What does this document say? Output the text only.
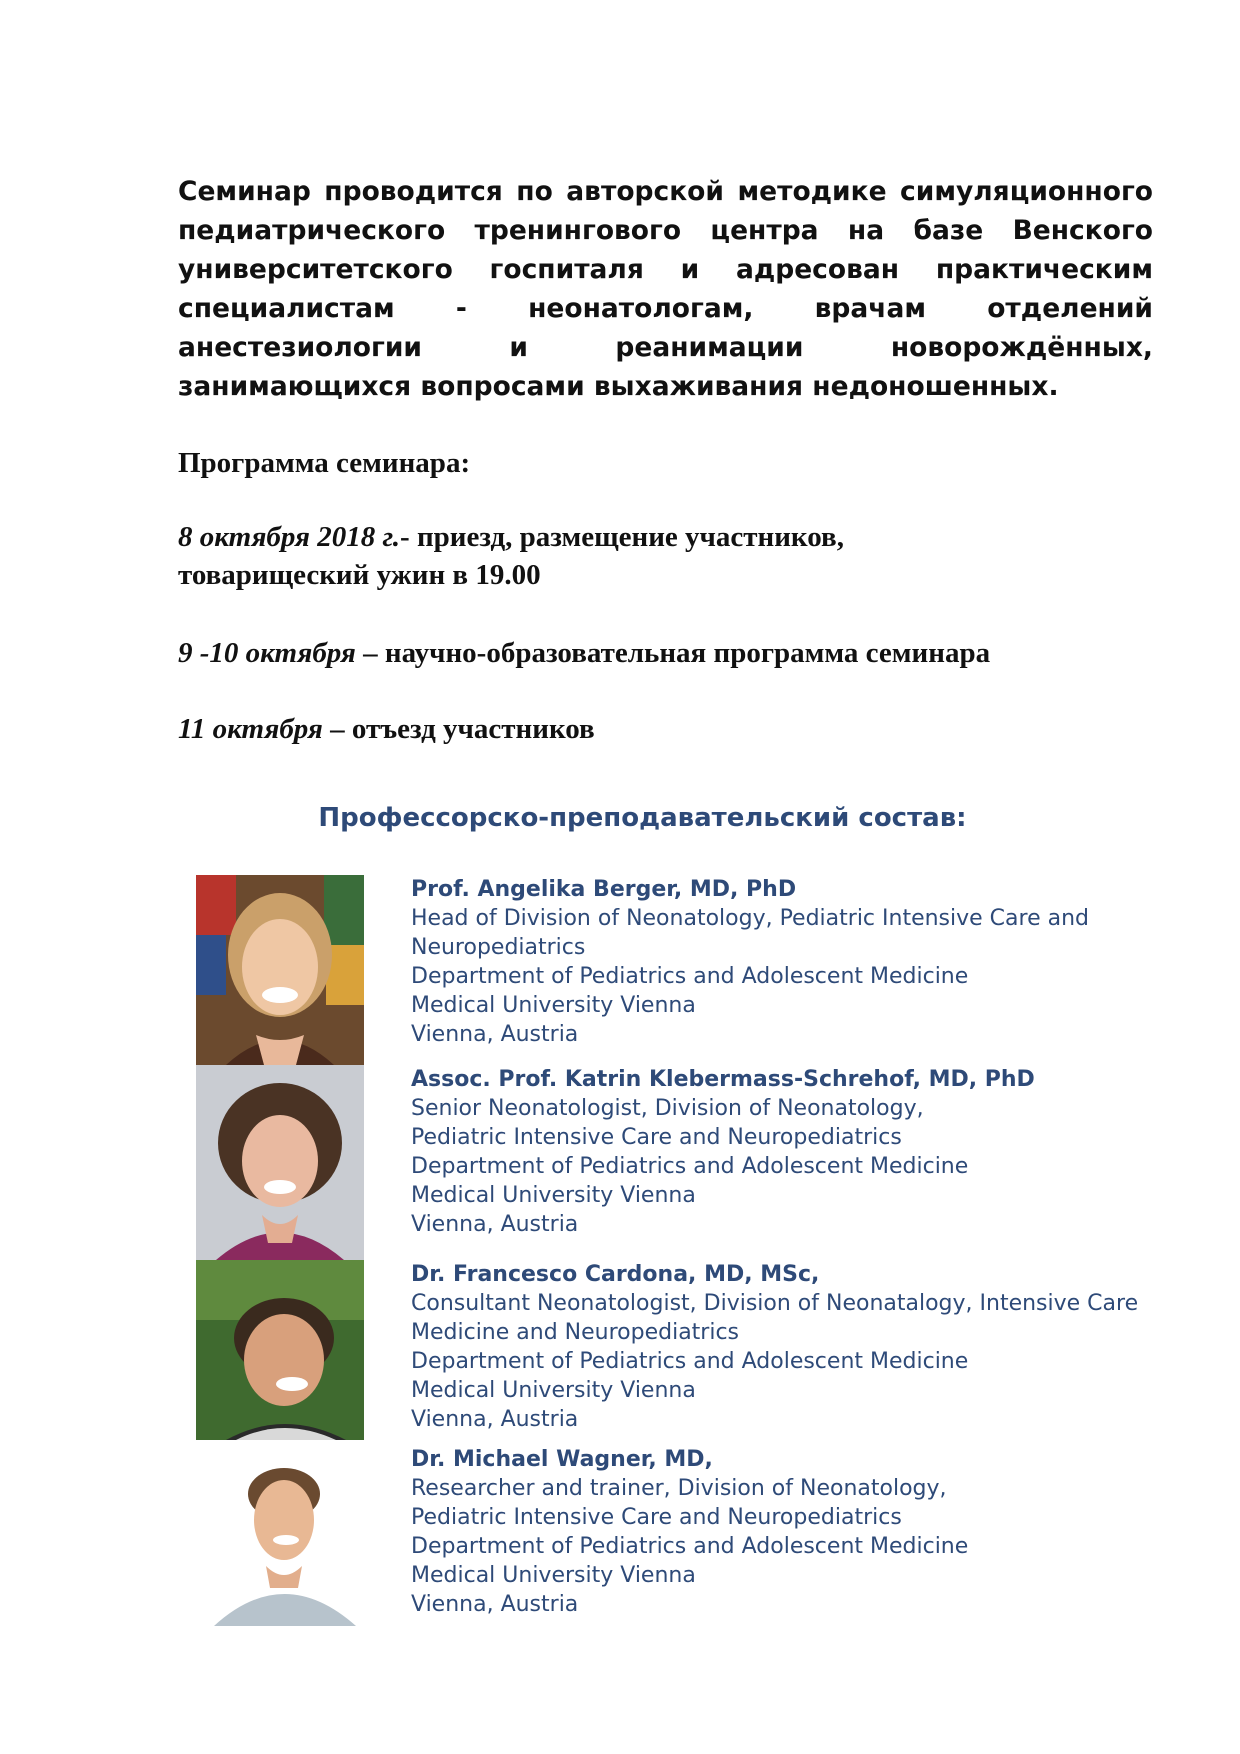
Семинар проводится по авторской методике симуляционного педиатрического тренингового центра на базе Венского университетского госпиталя и адресован практическим специалистам - неонатологам, врачам отделений анестезиологии и реанимации новорождённых, занимающихся вопросами выхаживания недоношенных.

Программа семинара:

8 октября 2018 г.- приезд, размещение участников,

товарищеский ужин в 19.00

9 -10 октября – научно-образовательная программа семинара

11 октября – отъезд участников

Профессорско-преподавательский состав:

Prof. Angelika Berger, MD, PhD
Head of Division of Neonatology, Pediatric Intensive Care and
Neuropediatrics
Department of Pediatrics and Adolescent Medicine
Medical University Vienna
Vienna, Austria
Assoc. Prof. Katrin Klebermass-Schrehof, MD, PhD
Senior Neonatologist, Division of Neonatology,
Pediatric Intensive Care and Neuropediatrics
Department of Pediatrics and Adolescent Medicine
Medical University Vienna
Vienna, Austria
Dr. Francesco Cardona, MD, MSc,
Consultant Neonatologist, Division of Neonatalogy, Intensive Care
Medicine and Neuropediatrics
Department of Pediatrics and Adolescent Medicine
Medical University Vienna
Vienna, Austria
Dr. Michael Wagner, MD,
Researcher and trainer, Division of Neonatology,
Pediatric Intensive Care and Neuropediatrics
Department of Pediatrics and Adolescent Medicine
Medical University Vienna
Vienna, Austria
